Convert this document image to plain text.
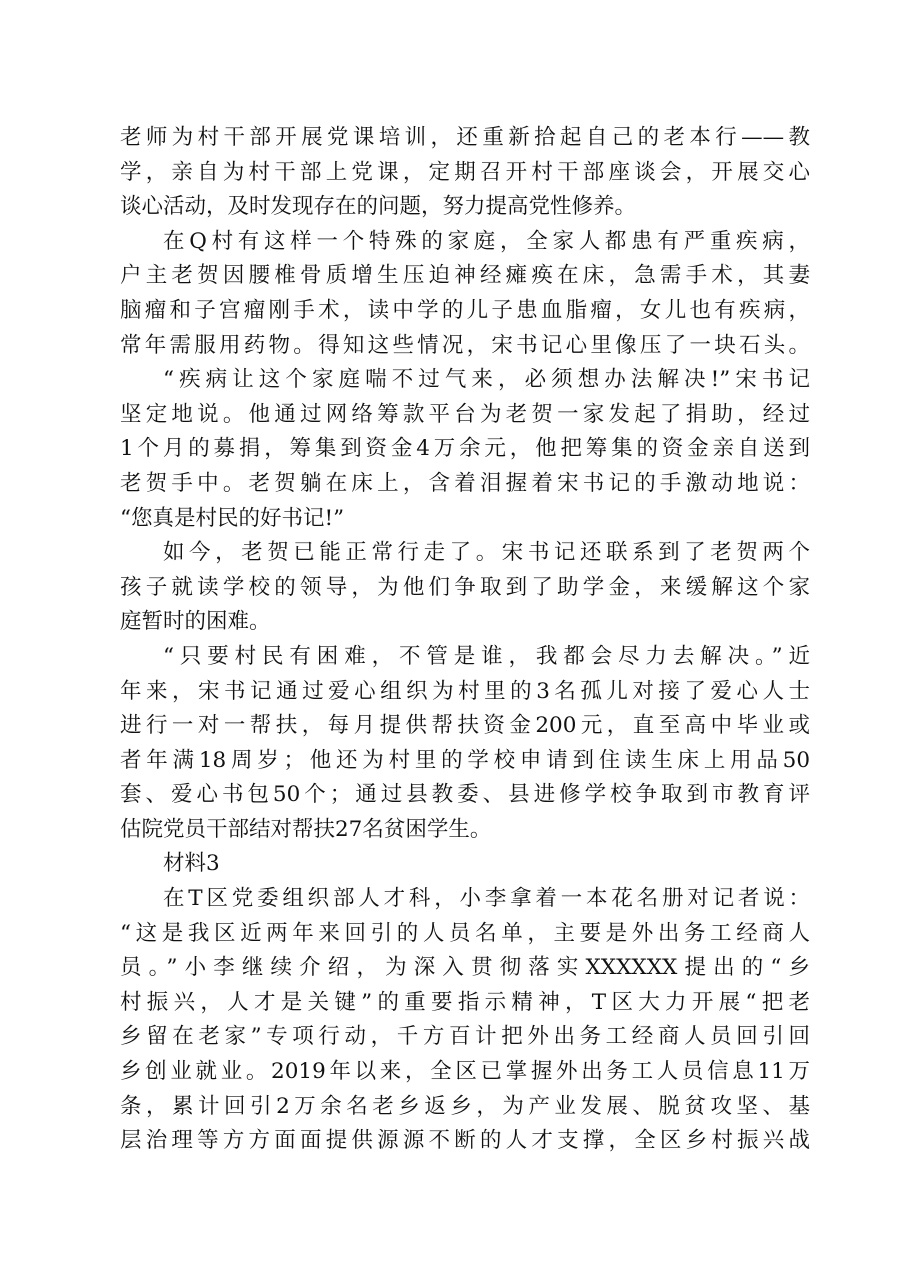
老师为村干部开展党课培训，还重新拾起自己的老本行——教
学，亲自为村干部上党课，定期召开村干部座谈会，开展交心
谈心活动，及时发现存在的问题，努力提高党性修养。
在Q村有这样一个特殊的家庭，全家人都患有严重疾病，
户主老贺因腰椎骨质增生压迫神经瘫痪在床，急需手术，其妻
脑瘤和子宫瘤刚手术，读中学的儿子患血脂瘤，女儿也有疾病，
常年需服用药物。得知这些情况，宋书记心里像压了一块石头。
“疾病让这个家庭喘不过气来，必须想办法解决!”宋书记
坚定地说。他通过网络筹款平台为老贺一家发起了捐助，经过
1个月的募捐，筹集到资金4万余元，他把筹集的资金亲自送到
老贺手中。老贺躺在床上，含着泪握着宋书记的手激动地说：
“您真是村民的好书记!”
如今，老贺已能正常行走了。宋书记还联系到了老贺两个
孩子就读学校的领导，为他们争取到了助学金，来缓解这个家
庭暂时的困难。
“只要村民有困难，不管是谁，我都会尽力去解决。”近
年来，宋书记通过爱心组织为村里的3名孤儿对接了爱心人士
进行一对一帮扶，每月提供帮扶资金200元，直至高中毕业或
者年满18周岁；他还为村里的学校申请到住读生床上用品50
套、爱心书包50个；通过县教委、县进修学校争取到市教育评
估院党员干部结对帮扶27名贫困学生。
材料3
在T区党委组织部人才科，小李拿着一本花名册对记者说：
“这是我区近两年来回引的人员名单，主要是外出务工经商人
员。”小李继续介绍，为深入贯彻落实XXXXXX提出的“乡
村振兴，人才是关键”的重要指示精神，T区大力开展“把老
乡留在老家”专项行动，千方百计把外出务工经商人员回引回
乡创业就业。2019年以来，全区已掌握外出务工人员信息11万
条，累计回引2万余名老乡返乡，为产业发展、脱贫攻坚、基
层治理等方方面面提供源源不断的人才支撑，全区乡村振兴战
